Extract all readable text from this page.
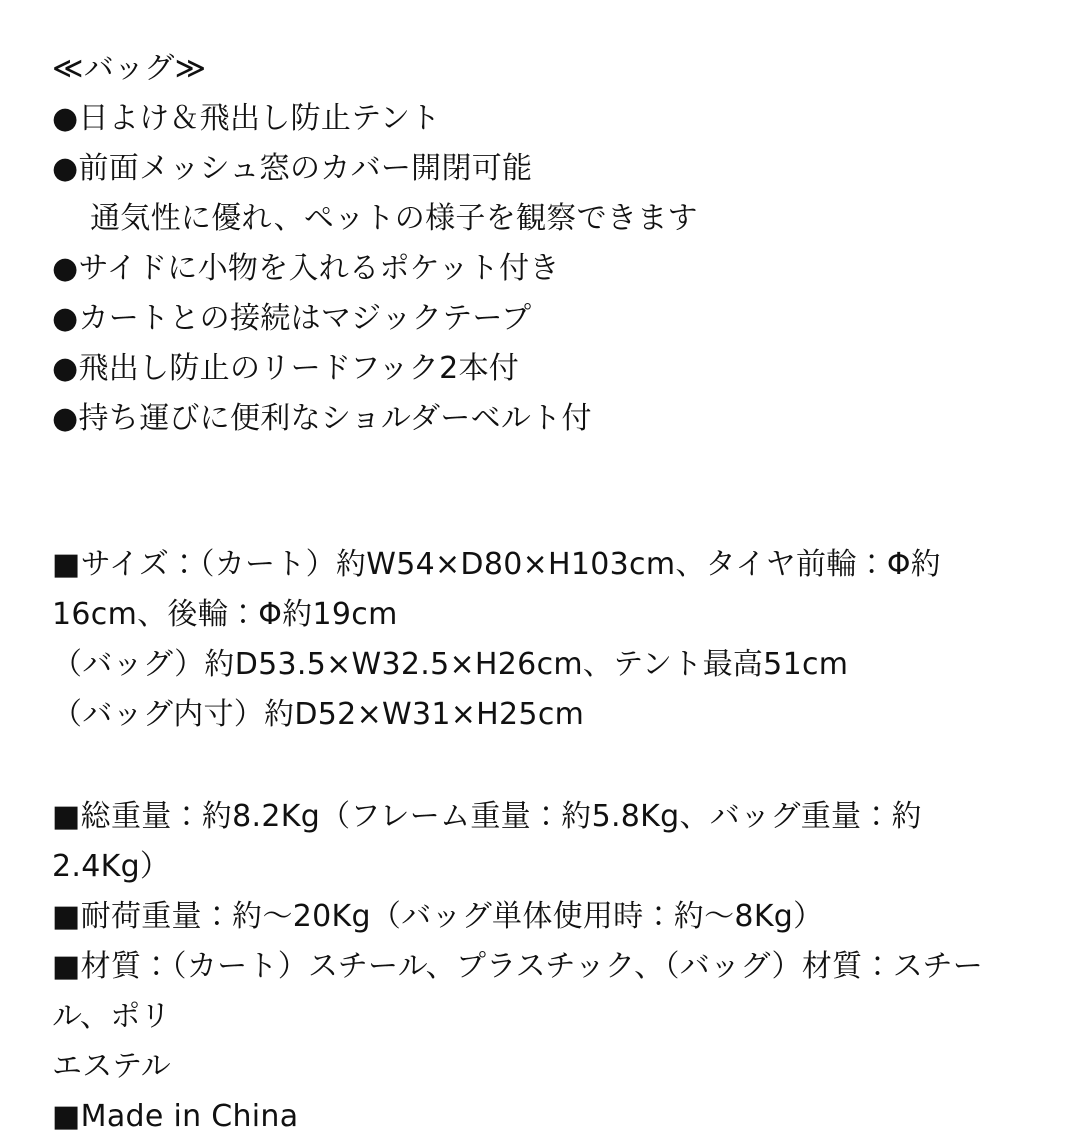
≪バッグ≫
●日よけ＆飛出し防止テント
●前面メッシュ窓のカバー開閉可能
通気性に優れ、ペットの様子を観察できます
●サイドに小物を入れるポケット付き
●カートとの接続はマジックテープ
●飛出し防止のリードフック2本付
●持ち運びに便利なショルダーベルト付
■サイズ：（カート）約W54×D80×H103cm、タイヤ前輪：Φ約
16cm、後輪：Φ約19cm
（バッグ）約D53.5×W32.5×H26cm、テント最高51cm
（バッグ内寸）約D52×W31×H25cm
■総重量：約8.2Kg（フレーム重量：約5.8Kg、バッグ重量：約2.4Kg）
■耐荷重量：約〜20Kg（バッグ単体使用時：約〜8Kg）
■材質：（カート）スチール、プラスチック、（バッグ）材質：スチール、ポリ
エステル
■Made in China
